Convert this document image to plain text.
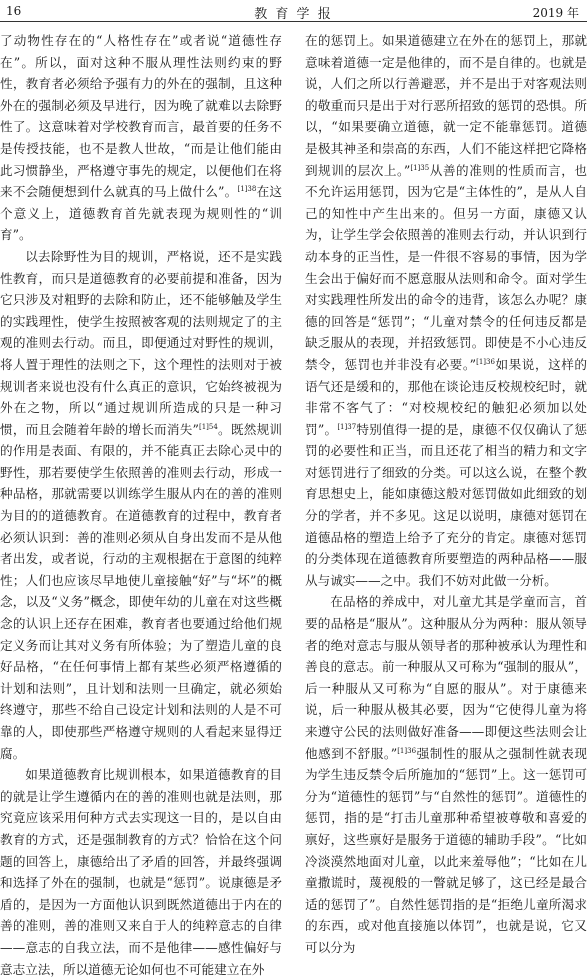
16	教 育 学 报	2019 年

了动物性存在的“人格性存在”或者说“道德性存在”。所以，面对这种不服从理性法则约束的野性，教育者必须给予强有力的外在的强制，且这种外在的强制必须及早进行，因为晚了就难以去除野性了。这意味着对学校教育而言，最首要的任务不是传授技能，也不是教人世故，“而是让他们能由此习惯静坐，严格遵守事先的规定，以便他们在将来不会随便想到什么就真的马上做什么”。$^{[1]38}$在这个意义上，道德教育首先就表现为规则性的“训育”。

以去除野性为目的规训，严格说，还不是实践性教育，而只是道德教育的必要前提和准备，因为它只涉及对粗野的去除和防止，还不能够触及学生的实践理性，使学生按照被客观的法则规定了的主观的准则去行动。而且，即便通过对野性的规训，将人置于理性的法则之下，这个理性的法则对于被规训者来说也没有什么真正的意识，它始终被视为外在之物，所以“通过规训所造成的只是一种习惯，而且会随着年龄的增长而消失”$^{[1]54}$。既然规训的作用是表面、有限的，并不能真正去除心灵中的野性，那若要使学生依照善的准则去行动，形成一种品格，那就需要以训练学生服从内在的善的准则为目的的道德教育。在道德教育的过程中，教育者必须认识到：善的准则必须从自身出发而不是从他者出发，或者说，行动的主观根据在于意图的纯粹性；人们也应该尽早地使儿童接触“好”与“坏”的概念，以及“义务”概念，即使年幼的儿童在对这些概念的认识上还存在困难，教育者也要通过给他们规定义务而让其对义务有所体验；为了塑造儿童的良好品格，“在任何事情上都有某些必须严格遵循的计划和法则”，且计划和法则一旦确定，就必须始终遵守，那些不给自己设定计划和法则的人是不可靠的人，即使那些严格遵守规则的人看起来显得迂腐。

如果道德教育比规训根本，如果道德教育的目的就是让学生遵循内在的善的准则也就是法则，那究竟应该采用何种方式去实现这一目的，是以自由教育的方式，还是强制教育的方式？恰恰在这个问题的回答上，康德给出了矛盾的回答，并最终强调和选择了外在的强制，也就是“惩罚”。说康德是矛盾的，是因为一方面他认识到既然道德出于内在的善的准则，善的准则又来自于人的纯粹意志的自律——意志的自我立法，而不是他律——感性偏好与意志立法，所以道德无论如何也不可能建立在外

在的惩罚上。如果道德建立在外在的惩罚上，那就意味着道德一定是他律的，而不是自律的。也就是说，人们之所以行善避恶，并不是出于对客观法则的敬重而只是出于对行恶所招致的惩罚的恐惧。所以，“如果要确立道德，就一定不能靠惩罚。道德是极其神圣和崇高的东西，人们不能这样把它降格到规训的层次上。”$^{[1]35}$从善的准则的性质而言，也不允许运用惩罚，因为它是“主体性的”，是从人自己的知性中产生出来的。但另一方面，康德又认为，让学生学会依照善的准则去行动，并认识到行动本身的正当性，是一件很不容易的事情，因为学生会出于偏好而不愿意服从法则和命令。面对学生对实践理性所发出的命令的违背，该怎么办呢？康德的回答是“惩罚”；“儿童对禁令的任何违反都是缺乏服从的表现，并招致惩罚。即使是不小心违反禁令，惩罚也并非没有必要。”$^{[1]36}$如果说，这样的语气还是缓和的，那他在谈论违反校规校纪时，就非常不客气了：“对校规校纪的触犯必须加以处罚”。$^{[1]37}$特别值得一提的是，康德不仅仅确认了惩罚的必要性和正当，而且还花了相当的精力和文字对惩罚进行了细致的分类。可以这么说，在整个教育思想史上，能如康德这般对惩罚做如此细致的划分的学者，并不多见。这足以说明，康德对惩罚在道德品格的塑造上给予了充分的肯定。康德对惩罚的分类体现在道德教育所要塑造的两种品格——服从与诚实——之中。我们不妨对此做一分析。

在品格的养成中，对儿童尤其是学童而言，首要的品格是“服从”。这种服从分为两种：服从领导者的绝对意志与服从领导者的那种被承认为理性和善良的意志。前一种服从又可称为“强制的服从”，后一种服从又可称为“自愿的服从”。对于康德来说，后一种服从极其必要，因为“它使得儿童为将来遵守公民的法则做好准备——即便这些法则会让他感到不舒服。”$^{[1]36}$强制性的服从之强制性就表现为学生违反禁令后所施加的“惩罚”上。这一惩罚可分为“道德性的惩罚”与“自然性的惩罚”。道德性的惩罚，指的是“打击儿童那种希望被尊敬和喜爱的禀好，这些禀好是服务于道德的辅助手段”。“比如冷淡漠然地面对儿童，以此来羞辱他”；“比如在儿童撒谎时，蔑视般的一瞥就足够了，这已经是最合适的惩罚了”。自然性惩罚指的是“拒绝儿童所渴求的东西，或对他直接施以体罚”，也就是说，它又可以分为
